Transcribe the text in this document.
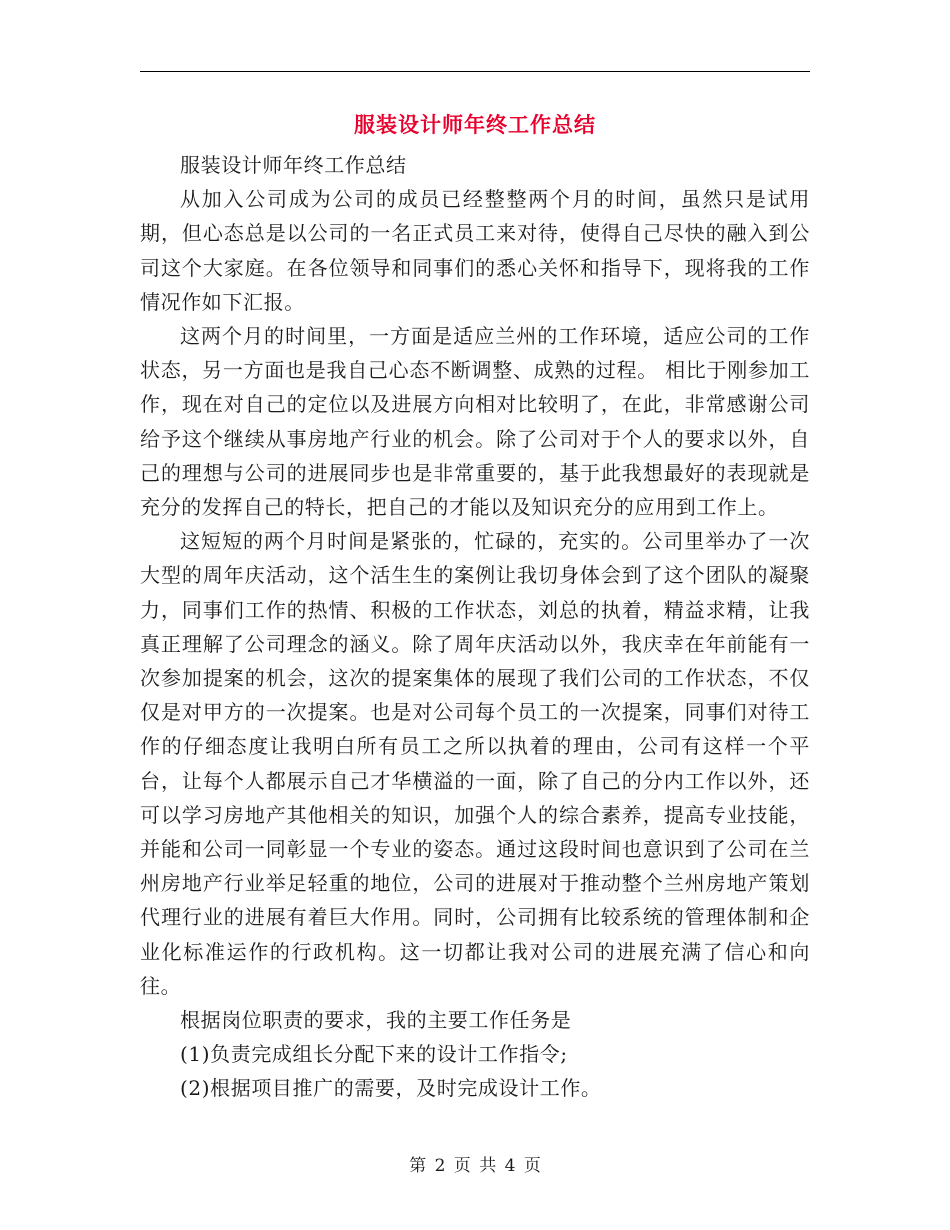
服装设计师年终工作总结

服装设计师年终工作总结

从加入公司成为公司的成员已经整整两个月的时间，虽然只是试用期，但心态总是以公司的一名正式员工来对待，使得自己尽快的融入到公司这个大家庭。在各位领导和同事们的悉心关怀和指导下，现将我的工作情况作如下汇报。

这两个月的时间里，一方面是适应兰州的工作环境，适应公司的工作状态，另一方面也是我自己心态不断调整、成熟的过程。 相比于刚参加工作，现在对自己的定位以及进展方向相对比较明了，在此，非常感谢公司给予这个继续从事房地产行业的机会。除了公司对于个人的要求以外，自己的理想与公司的进展同步也是非常重要的，基于此我想最好的表现就是充分的发挥自己的特长，把自己的才能以及知识充分的应用到工作上。

这短短的两个月时间是紧张的，忙碌的，充实的。公司里举办了一次大型的周年庆活动，这个活生生的案例让我切身体会到了这个团队的凝聚力，同事们工作的热情、积极的工作状态，刘总的执着，精益求精，让我真正理解了公司理念的涵义。除了周年庆活动以外，我庆幸在年前能有一次参加提案的机会，这次的提案集体的展现了我们公司的工作状态，不仅仅是对甲方的一次提案。也是对公司每个员工的一次提案，同事们对待工作的仔细态度让我明白所有员工之所以执着的理由，公司有这样一个平台，让每个人都展示自己才华横溢的一面，除了自己的分内工作以外，还可以学习房地产其他相关的知识，加强个人的综合素养，提高专业技能，并能和公司一同彰显一个专业的姿态。通过这段时间也意识到了公司在兰州房地产行业举足轻重的地位，公司的进展对于推动整个兰州房地产策划代理行业的进展有着巨大作用。同时，公司拥有比较系统的管理体制和企业化标准运作的行政机构。这一切都让我对公司的进展充满了信心和向往。

根据岗位职责的要求，我的主要工作任务是

(1)负责完成组长分配下来的设计工作指令;

(2)根据项目推广的需要，及时完成设计工作。

第 2 页 共 4 页
